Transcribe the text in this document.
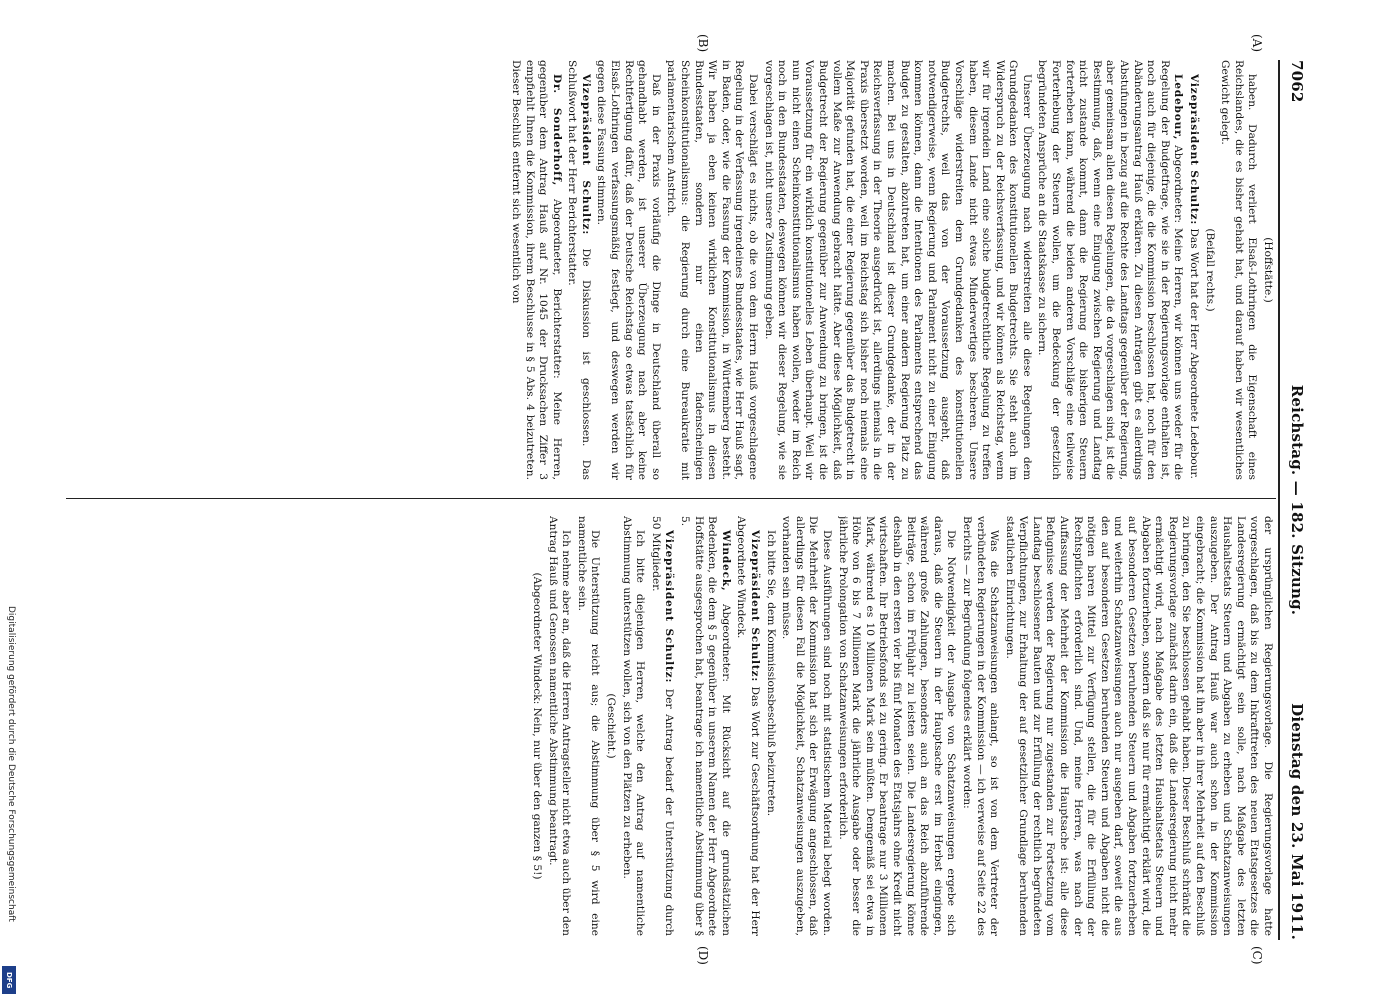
7062
Reichstag. — 182. Sitzung.
Dienstag den 23. Mai 1911.

(Hoffstätte.)

haben. Dadurch verliert Elsaß-Lothringen die Eigenschaft eines Reichslandes, die es bisher gehabt hat, und darauf haben wir wesentliches Gewicht gelegt.

(Beifall rechts.)

Vizepräsident Schultz: Das Wort hat der Herr Abgeordnete Ledebour.

Ledebour, Abgeordneter: Meine Herren, wir können uns weder für die Regelung der Budgetfrage, wie sie in der Regierungsvorlage enthalten ist, noch auch für diejenige, die die Kommission beschlossen hat, noch für den Abänderungsantrag Hauß erklären. Zu diesen Anträgen gibt es allerdings Abstufungen in bezug auf die Rechte des Landtags gegenüber der Regierung, aber gemeinsam allen diesen Regelungen, die da vorgeschlagen sind, ist die Bestimmung, daß, wenn eine Einigung zwischen Regierung und Landtag nicht zustande kommt, dann die Regierung die bisherigen Steuern forterheben kann, während die beiden anderen Vorschläge eine teilweise Forterhebung der Steuern wollen, um die Bedeckung der gesetzlich begründeten Ansprüche an die Staatskasse zu sichern.

Unserer Überzeugung nach widerstreiten alle diese Regelungen dem Grundgedanken des konstitutionellen Budgetrechts. Sie steht auch im Widerspruch zu der Reichsverfassung, und wir können als Reichstag, wenn wir für irgendein Land eine solche budgetrechtliche Regelung zu treffen haben, diesem Lande nicht etwas Minderwertiges bescheren. Unsere Vorschläge widerstreiten dem Grundgedanken des konstitutionellen Budgetrechts, weil das von der Voraussetzung ausgeht, daß notwendigerweise, wenn Regierung und Parlament nicht zu einer Einigung kommen können, dann die Intentionen des Parlaments entsprechend das Budget zu gestalten, abzutreten hat, um einer andern Regierung Platz zu machen. Bei uns in Deutschland ist dieser Grundgedanke, der in der Reichsverfassung in der Theorie ausgedrückt ist, allerdings niemals in die Praxis übersetzt worden, weil im Reichstag sich bisher noch niemals eine Majorität gefunden hat, die einer Regierung gegenüber das Budgetrecht in vollem Maße zur Anwendung gebracht hätte. Aber diese Möglichkeit, daß Budgetrecht der Regierung gegenüber zur Anwendung zu bringen, ist die Voraussetzung für ein wirklich konstitutionelles Leben überhaupt. Weil wir nun nicht einen Scheinkonstitutionalismus haben wollen, weder im Reich noch in den Bundesstaaten, deswegen können wir dieser Regelung, wie sie vorgeschlagen ist, nicht unsere Zustimmung geben.

Dabei verschlägt es nichts, ob die von dem Herrn Hauß vorgeschlagene Regelung in der Verfassung irgendeines Bundesstaates, wie Herr Hauß sagt, in Baden, oder, wie die Fassung der Kommission, in Württemberg besteht. Wir haben ja eben keinen wirklichen Konstitutionalismus in diesen Bundesstaaten, sondern nur einen fadenscheinigen Scheinkonstitutionalismus: die Regierung durch eine Bureaukratie mit parlamentarischem Anstrich.

Daß in der Praxis vorläufig die Dinge in Deutschland überall so gehandhabt werden, ist unserer Überzeugung nach aber keine Rechtfertigung dafür, daß der Deutsche Reichstag so etwas tatsächlich für Elsaß-Lothringen verfassungsmäßig festlegt, und deswegen werden wir gegen diese Fassung stimmen.

Vizepräsident Schultz: Die Diskussion ist geschlossen. Das Schlußwort hat der Herr Berichterstatter.

Dr. Sonderhoff, Abgeordneter, Berichterstatter: Meine Herren, gegenüber dem Antrag Hauß auf Nr. 1045 der Drucksachen Ziffer 3 empfiehlt Ihnen die Kommission, ihrem Beschlusse in § 5 Abs. 4 beizutreten. Dieser Beschluß entfernt sich wesentlich von

der ursprünglichen Regierungsvorlage. Die Regierungsvorlage hatte vorgeschlagen, daß bis zu dem Inkrafttreten des neuen Etatsgesetzes die Landesregierung ermächtigt sein solle, nach Maßgabe des letzten Haushaltsetats Steuern und Abgaben zu erheben und Schatzanweisungen auszugeben. Der Antrag Hauß war auch schon in der Kommission eingebracht; die Kommission hat ihn aber in ihrer Mehrheit auf den Beschluß zu bringen, den Sie beschlossen gehabt haben. Dieser Beschluß schränkt die Regierungsvorlage zunächst darin ein, daß die Landesregierung nicht mehr ermächtigt wird, nach Maßgabe des letzten Haushaltsetats Steuern und Abgaben fortzuerheben, sondern daß sie nur für ermächtigt erklärt wird, die auf besonderen Gesetzen beruhenden Steuern und Abgaben fortzuerheben und weiterhin Schatzanweisungen auch nur ausgeben darf, soweit die aus den auf besonderen Gesetzen beruhenden Steuern und Abgaben nicht die nötigen baren Mittel zur Verfügung stellen, die für die Erfüllung der Rechtspflichten erforderlich sind. Und, meine Herren, was nach der Auffassung der Mehrheit der Kommission die Hauptsache ist: alle diese Befugnisse werden der Regierung nur zugestanden zur Fortsetzung vom Landtag beschlossener Bauten und zur Erfüllung der rechtlich begründeten Verpflichtungen, zur Erhaltung der auf gesetzlicher Grundlage beruhenden staatlichen Einrichtungen.

Was die Schatzanweisungen anlangt, so ist von dem Vertreter der verbündeten Regierungen in der Kommission — ich verweise auf Seite 22 des Berichts — zur Begründung folgendes erklärt worden:

Die Notwendigkeit der Ausgabe von Schatzanweisungen ergebe sich daraus, daß die Steuern in der Hauptsache erst im Herbst eingingen, während große Zahlungen, besonders auch an das Reich abzuführende Beiträge, schon im Frühjahr zu leisten seien. Die Landesregierung könne deshalb in den ersten vier bis fünf Monaten des Etatsjahrs ohne Kredit nicht wirtschaften. Ihr Betriebsfonds sei zu gering. Er beantrage nur 3 Millionen Mark, während es 10 Millionen Mark sein müßten. Demgemäß sei etwa in Höhe von 6 bis 7 Millionen Mark die jährliche Ausgabe oder besser die jährliche Prolongation von Schatzanweisungen erforderlich.

Diese Ausführungen sind noch mit statistischem Material belegt worden. Die Mehrheit der Kommission hat sich der Erwägung angeschlossen, daß allerdings für diesen Fall die Möglichkeit, Schatzanweisungen auszugeben, vorhanden sein müsse.

Ich bitte Sie, dem Kommissionsbeschluß beizutreten.

Vizepräsident Schultz: Das Wort zur Geschäftsordnung hat der Herr Abgeordnete Windeck.

Windeck, Abgeordneter: Mit Rücksicht auf die grundsätzlichen Bedenken, die dem § 5 gegenüber in unserem Namen der Herr Abgeordnete Hoffstätte ausgesprochen hat, beantrage ich namentliche Abstimmung über § 5.

Vizepräsident Schultz: Der Antrag bedarf der Unterstützung durch 50 Mitglieder.

Ich bitte diejenigen Herren, welche den Antrag auf namentliche Abstimmung unterstützen wollen, sich von den Plätzen zu erheben.

(Geschieht.)

Die Unterstützung reicht aus; die Abstimmung über § 5 wird eine namentliche sein.

Ich nehme aber an, daß die Herren Antragsteller nicht etwa auch über den Antrag Hauß und Genossen namentliche Abstimmung beantragt.

(Abgeordneter Windeck: Nein, nur über den ganzen § 5!)

(A)
(B)
(C)
(D)
Digitalisierung gefördert durch die Deutsche Forschungsgemeinschaft
DFG
